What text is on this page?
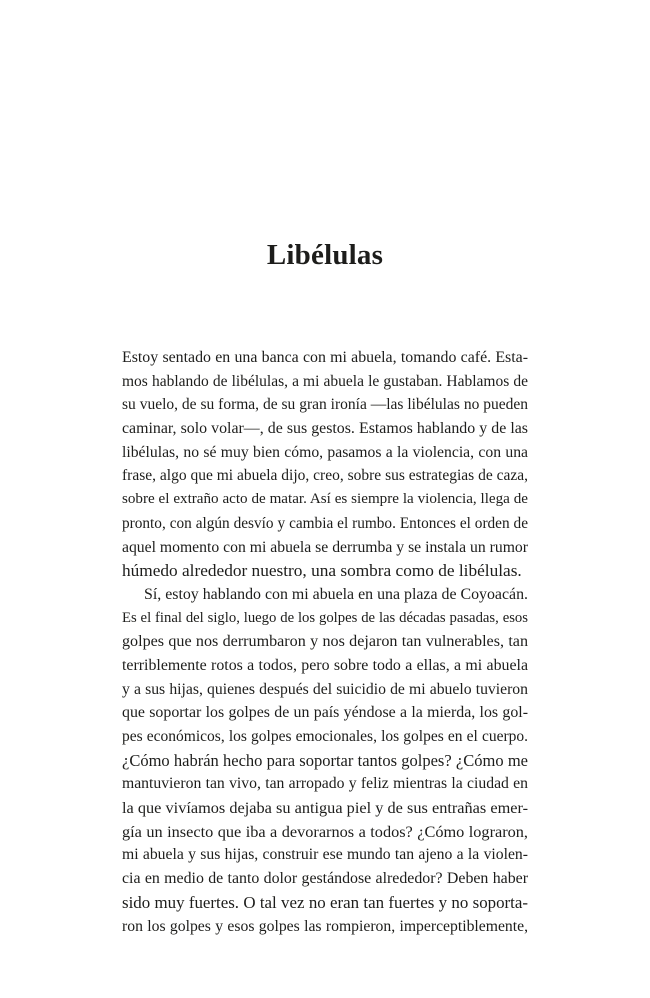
Libélulas
Estoy sentado en una banca con mi abuela, tomando café. Esta-
mos hablando de libélulas, a mi abuela le gustaban. Hablamos de
su vuelo, de su forma, de su gran ironía —las libélulas no pueden
caminar, solo volar—, de sus gestos. Estamos hablando y de las
libélulas, no sé muy bien cómo, pasamos a la violencia, con una
frase, algo que mi abuela dijo, creo, sobre sus estrategias de caza,
sobre el extraño acto de matar. Así es siempre la violencia, llega de
pronto, con algún desvío y cambia el rumbo. Entonces el orden de
aquel momento con mi abuela se derrumba y se instala un rumor
húmedo alrededor nuestro, una sombra como de libélulas.
Sí, estoy hablando con mi abuela en una plaza de Coyoacán.
Es el final del siglo, luego de los golpes de las décadas pasadas, esos
golpes que nos derrumbaron y nos dejaron tan vulnerables, tan
terriblemente rotos a todos, pero sobre todo a ellas, a mi abuela
y a sus hijas, quienes después del suicidio de mi abuelo tuvieron
que soportar los golpes de un país yéndose a la mierda, los gol-
pes económicos, los golpes emocionales, los golpes en el cuerpo.
¿Cómo habrán hecho para soportar tantos golpes? ¿Cómo me
mantuvieron tan vivo, tan arropado y feliz mientras la ciudad en
la que vivíamos dejaba su antigua piel y de sus entrañas emer-
gía un insecto que iba a devorarnos a todos? ¿Cómo lograron,
mi abuela y sus hijas, construir ese mundo tan ajeno a la violen-
cia en medio de tanto dolor gestándose alrededor? Deben haber
sido muy fuertes. O tal vez no eran tan fuertes y no soporta-
ron los golpes y esos golpes las rompieron, imperceptiblemente,
